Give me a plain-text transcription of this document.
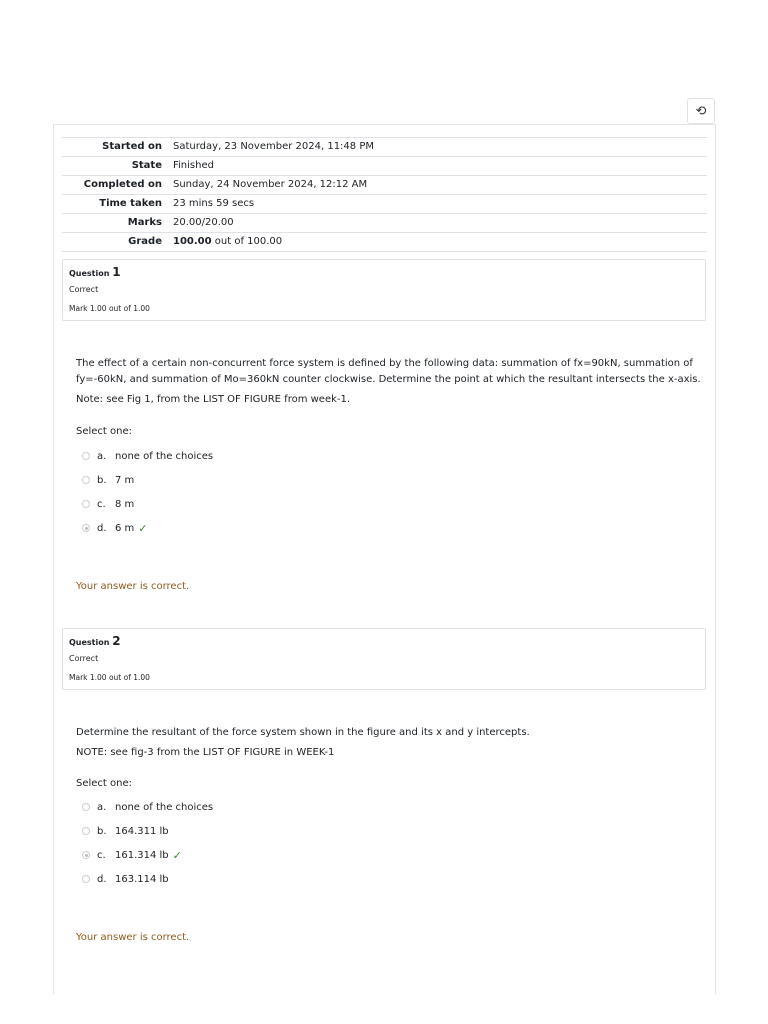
⟲
Started on	Saturday, 23 November 2024, 11:48 PM
State	Finished
Completed on	Sunday, 24 November 2024, 12:12 AM
Time taken	23 mins 59 secs
Marks	20.00/20.00
Grade	100.00 out of 100.00
Question 1
Correct
Mark 1.00 out of 1.00

The effect of a certain non-concurrent force system is defined by the following data: summation of fx=90kN, summation of fy=-60kN, and summation of Mo=360kN counter clockwise. Determine the point at which the resultant intersects the x-axis.

Note: see Fig 1, from the LIST OF FIGURE from week-1.

Select one:
a. none of the choices
b. 7 m
c. 8 m
d. 6 m ✓
Your answer is correct.
Question 2
Correct
Mark 1.00 out of 1.00

Determine the resultant of the force system shown in the figure and its x and y intercepts.

NOTE: see fig-3 from the LIST OF FIGURE in WEEK-1

Select one:
a. none of the choices
b. 164.311 lb
c. 161.314 lb ✓
d. 163.114 lb
Your answer is correct.
